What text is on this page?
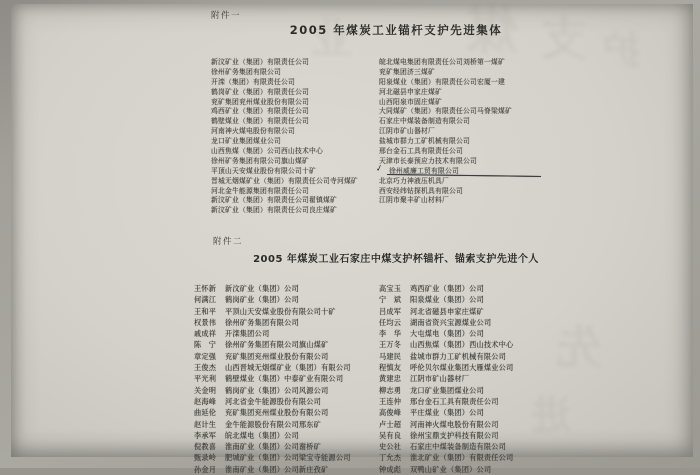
煤 支 护
业
先
进
附件一
2005 年煤炭工业锚杆支护先进集体
新汶矿业（集团）有限责任公司
徐州矿务集团有限公司
开滦（集团）有限责任公司
鹤岗矿业（集团）有限责任公司
兖矿集团兖州煤业股份有限公司
鸡西矿业（集团）有限责任公司
鹤壁煤业（集团）有限责任公司
河南神火煤电股份有限公司
龙口矿业集团煤业公司
山西焦煤（集团）公司西山技术中心
徐州矿务集团有限公司旗山煤矿
平顶山天安煤业股份有限公司十矿
晋城无烟煤矿业（集团）有限责任公司寺河煤矿
河北金牛能源集团有限责任公司
新汶矿业（集团）有限责任公司翟镇煤矿
新汶矿业（集团）有限责任公司良庄煤矿
皖北煤电集团有限责任公司刘桥第一煤矿
兖矿集团济三煤矿
阳泉煤业（集团）有限责任公司宏厦一建
河北磁县申家庄煤矿
山西阳泉市固庄煤矿
大同煤矿（集团）有限责任公司马脊梁煤矿
石家庄中煤装备制造有限公司
江阴市矿山器材厂
盐城市群力工矿机械有限公司
邢台金石工具有限责任公司
天津市长泰预应力技术有限公司
✓ 徐州威廉工贸有限公司
北京巧力神液压机具厂
西安经纬钻探机具有限公司
江阴市聚丰矿山材料厂
附件二
2005 年煤炭工业石家庄中煤支护杯锚杆、锚索支护先进个人
王怀新 新汶矿业（集团）公司
何满江 鹤岗矿业（集团）公司
王和平 平顶山天安煤业股份有限公司十矿
权景伟 徐州矿务集团有限公司
戚成祥 开滦集团公司
陈　宁 徐州矿务集团有限公司旗山煤矿
章定强 兖矿集团兖州煤业股份有限公司
王俊杰 山西晋城无烟煤矿业（集团）有限公司
平光利 鹤壁煤业（集团）中泰矿业有限公司
关金明 鹤岗矿业（集团）公司风源公司
赵海峰 河北省金牛能源股份有限公司
曲延伦 兖矿集团兖州煤业股份有限公司
赵计生 金牛能源股份有限公司邢东矿
李承军 皖北煤电（集团）公司
倪教喜 淮南矿业（集团）公司谢桥矿
甄录岭 肥城矿业（集团）公司梁宝寺能源公司
孙金月 淮南矿业（集团）公司新庄孜矿
高宝玉 鸡西矿业（集团）公司
宁　斌 阳泉煤业（集团）公司
吕成军 河北省磁县申家庄煤矿
任均云 湖南省资兴宝源煤业公司
李　华 大屯煤电（集团）公司
王万冬 山西焦煤（集团）西山技术中心
马建民 盐城市群力工矿机械有限公司
程慎友 呼伦贝尔煤业集团大雁煤业公司
黄建忠 江阴市矿山器材厂
柳志勇 龙口矿业集团煤业公司
王连仲 邢台金石工具有限责任公司
高俊峰 平庄煤业（集团）公司
卢士超 河南神火煤电股份有限公司
吴有良 徐州宝鼎支护科技有限公司
史公社 石家庄中煤装备制造有限公司
丁允杰 淮北矿业（集团）有限责任公司
钟成彪 双鸭山矿业（集团）公司
